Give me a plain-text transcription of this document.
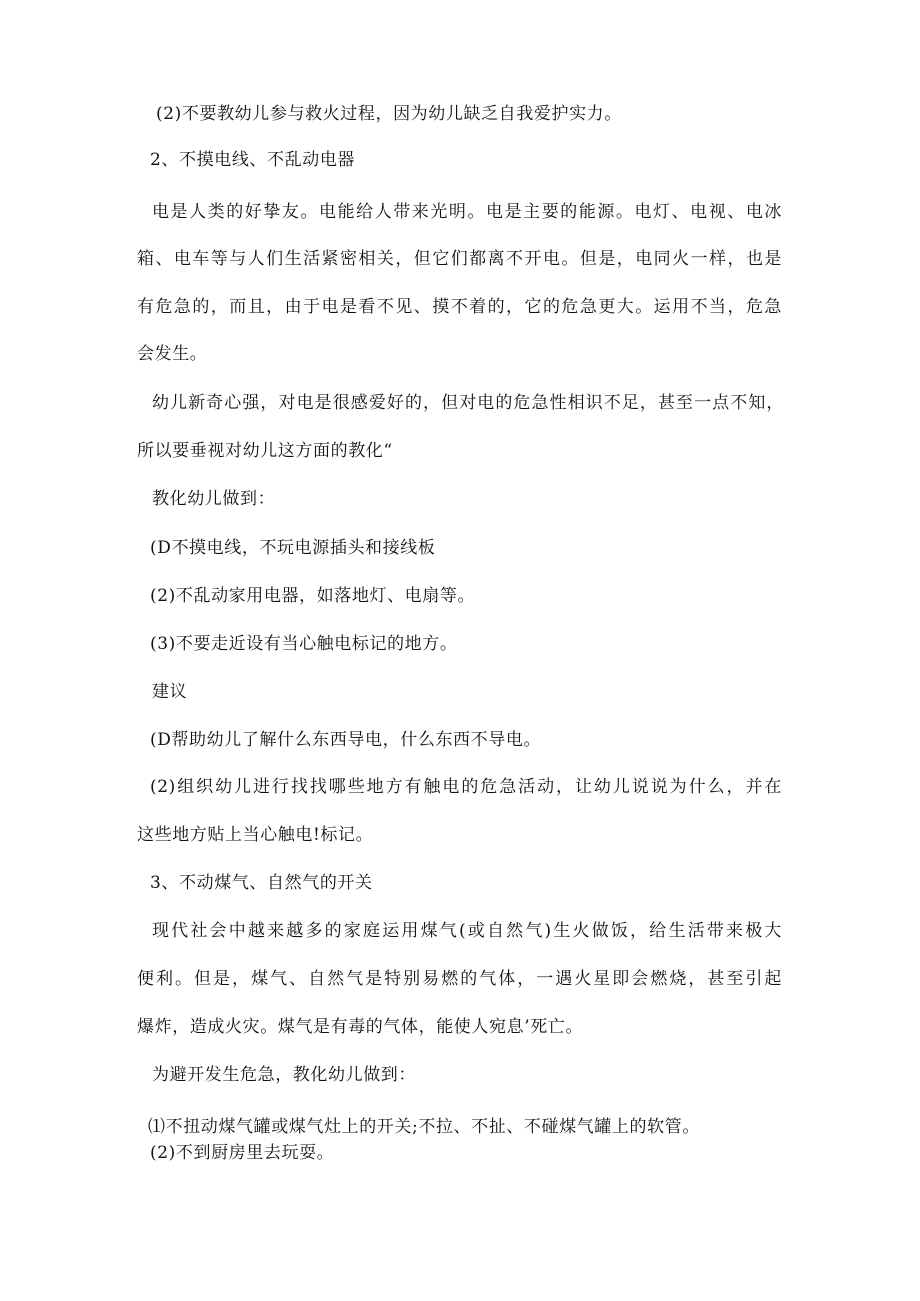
(2)不要教幼儿参与救火过程，因为幼儿缺乏自我爱护实力。
2、不摸电线、不乱动电器
电是人类的好挚友。电能给人带来光明。电是主要的能源。电灯、电视、电冰
箱、电车等与人们生活紧密相关，但它们都离不开电。但是，电同火一样，也是
有危急的，而且，由于电是看不见、摸不着的，它的危急更大。运用不当，危急
会发生。
幼儿新奇心强，对电是很感爱好的，但对电的危急性相识不足，甚至一点不知，
所以要垂视对幼儿这方面的教化“
教化幼儿做到：
(D不摸电线，不玩电源插头和接线板
(2)不乱动家用电器，如落地灯、电扇等。
(3)不要走近设有当心触电标记的地方。
建议
(D帮助幼儿了解什么东西导电，什么东西不导电。
(2)组织幼儿进行找找哪些地方有触电的危急活动，让幼儿说说为什么，并在
这些地方贴上当心触电!标记。
3、不动煤气、自然气的开关
现代社会中越来越多的家庭运用煤气(或自然气)生火做饭，给生活带来极大
便利。但是，煤气、自然气是特别易燃的气体，一遇火星即会燃烧，甚至引起
爆炸，造成火灾。煤气是有毒的气体，能使人宛息’死亡。
为避开发生危急，教化幼儿做到：
⑴不扭动煤气罐或煤气灶上的开关;不拉、不扯、不碰煤气罐上的软管。
(2)不到厨房里去玩耍。
